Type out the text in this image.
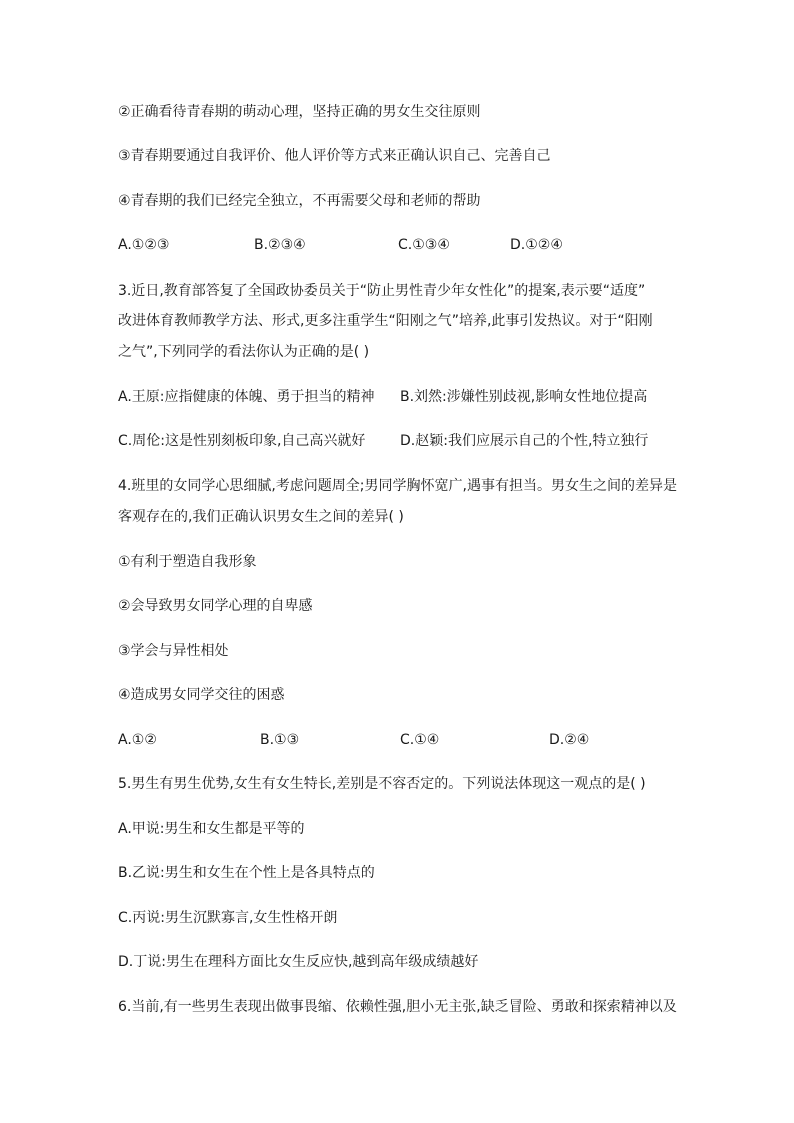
②正确看待青春期的萌动心理，坚持正确的男女生交往原则
③青春期要通过自我评价、他人评价等方式来正确认识自己、完善自己
④青春期的我们已经完全独立，不再需要父母和老师的帮助
A.①②③	B.②③④	C.①③④	D.①②④
3.近日,教育部答复了全国政协委员关于“防止男性青少年女性化”的提案,表示要“适度”
改进体育教师教学方法、形式,更多注重学生“阳刚之气”培养,此事引发热议。对于“阳刚
之气”,下列同学的看法你认为正确的是( )
A.王原:应指健康的体魄、勇于担当的精神 B.刘然:涉嫌性别歧视,影响女性地位提高
C.周伦:这是性别刻板印象,自己高兴就好 D.赵颖:我们应展示自己的个性,特立独行
4.班里的女同学心思细腻,考虑问题周全;男同学胸怀宽广,遇事有担当。男女生之间的差异是
客观存在的,我们正确认识男女生之间的差异( )
①有利于塑造自我形象
②会导致男女同学心理的自卑感
③学会与异性相处
④造成男女同学交往的困惑
A.①②	B.①③	C.①④	D.②④
5.男生有男生优势,女生有女生特长,差别是不容否定的。下列说法体现这一观点的是( )
A.甲说:男生和女生都是平等的
B.乙说:男生和女生在个性上是各具特点的
C.丙说:男生沉默寡言,女生性格开朗
D.丁说:男生在理科方面比女生反应快,越到高年级成绩越好
6.当前,有一些男生表现出做事畏缩、依赖性强,胆小无主张,缺乏冒险、勇敢和探索精神以及
